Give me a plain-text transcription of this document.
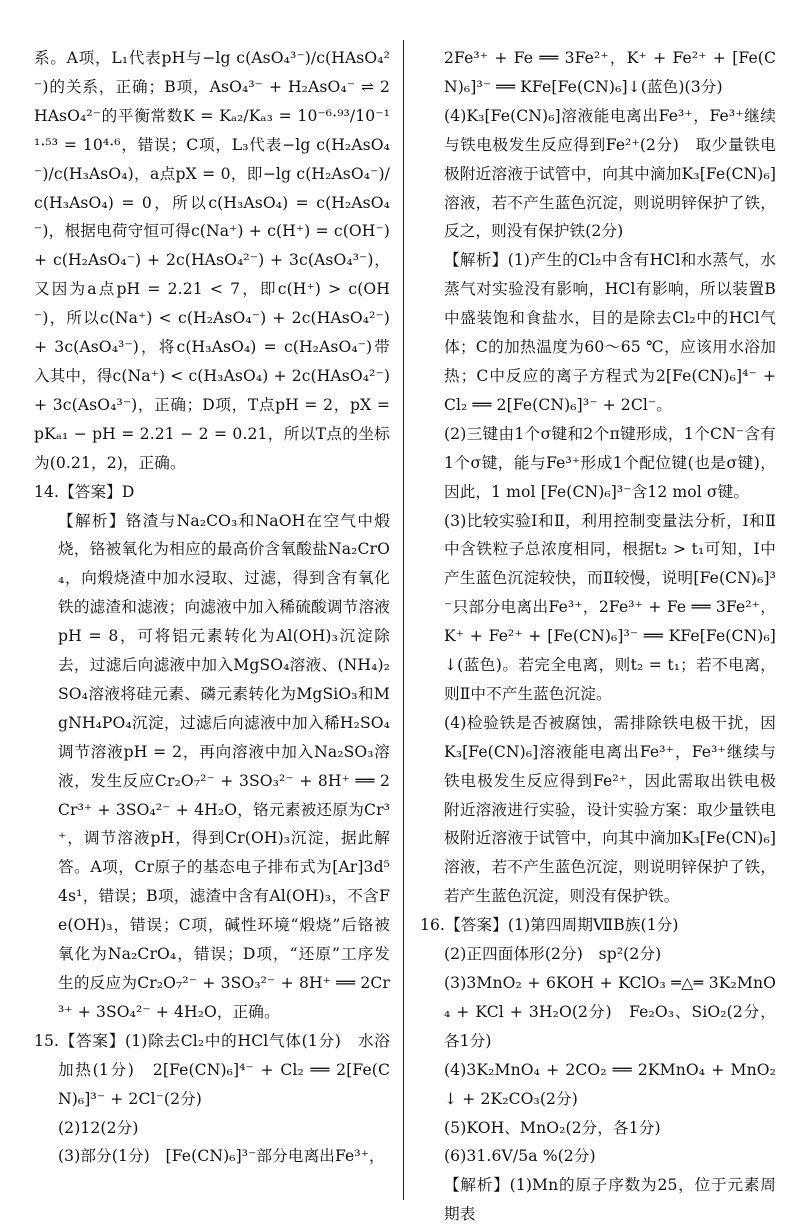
系。A项，L₁代表pH与−lg c(AsO₄³⁻)/c(HAsO₄²⁻)的关系，正确；B项，AsO₄³⁻ + H₂AsO₄⁻ ⇌ 2HAsO₄²⁻的平衡常数K = Kₐ₂/Kₐ₃ = 10⁻⁶·⁹³/10⁻¹¹·⁵³ = 10⁴·⁶，错误；C项，L₃代表−lg c(H₂AsO₄⁻)/c(H₃AsO₄)，a点pX = 0，即−lg c(H₂AsO₄⁻)/c(H₃AsO₄) = 0，所以c(H₃AsO₄) = c(H₂AsO₄⁻)，根据电荷守恒可得c(Na⁺) + c(H⁺) = c(OH⁻) + c(H₂AsO₄⁻) + 2c(HAsO₄²⁻) + 3c(AsO₄³⁻)，又因为a点pH = 2.21 < 7，即c(H⁺) > c(OH⁻)，所以c(Na⁺) < c(H₂AsO₄⁻) + 2c(HAsO₄²⁻) + 3c(AsO₄³⁻)，将c(H₃AsO₄) = c(H₂AsO₄⁻)带入其中，得c(Na⁺) < c(H₃AsO₄) + 2c(HAsO₄²⁻) + 3c(AsO₄³⁻)，正确；D项，T点pH = 2，pX = pKₐ₁ − pH = 2.21 − 2 = 0.21，所以T点的坐标为(0.21，2)，正确。

14.【答案】D

【解析】铬渣与Na₂CO₃和NaOH在空气中煅烧，铬被氧化为相应的最高价含氧酸盐Na₂CrO₄，向煅烧渣中加水浸取、过滤，得到含有氧化铁的滤渣和滤液；向滤液中加入稀硫酸调节溶液pH = 8，可将铝元素转化为Al(OH)₃沉淀除去，过滤后向滤液中加入MgSO₄溶液、(NH₄)₂SO₄溶液将硅元素、磷元素转化为MgSiO₃和MgNH₄PO₄沉淀，过滤后向滤液中加入稀H₂SO₄调节溶液pH = 2，再向溶液中加入Na₂SO₃溶液，发生反应Cr₂O₇²⁻ + 3SO₃²⁻ + 8H⁺ ══ 2Cr³⁺ + 3SO₄²⁻ + 4H₂O，铬元素被还原为Cr³⁺，调节溶液pH，得到Cr(OH)₃沉淀，据此解答。A项，Cr原子的基态电子排布式为[Ar]3d⁵4s¹，错误；B项，滤渣中含有Al(OH)₃，不含Fe(OH)₃，错误；C项，碱性环境“煅烧”后铬被氧化为Na₂CrO₄，错误；D项，“还原”工序发生的反应为Cr₂O₇²⁻ + 3SO₃²⁻ + 8H⁺ ══ 2Cr³⁺ + 3SO₄²⁻ + 4H₂O，正确。

15.【答案】(1)除去Cl₂中的HCl气体(1分)　水浴加热(1分)　2[Fe(CN)₆]⁴⁻ + Cl₂ ══ 2[Fe(CN)₆]³⁻ + 2Cl⁻(2分)

(2)12(2分)

(3)部分(1分)　[Fe(CN)₆]³⁻部分电离出Fe³⁺，

2Fe³⁺ + Fe ══ 3Fe²⁺，K⁺ + Fe²⁺ + [Fe(CN)₆]³⁻ ══ KFe[Fe(CN)₆]↓(蓝色)(3分)

(4)K₃[Fe(CN)₆]溶液能电离出Fe³⁺，Fe³⁺继续与铁电极发生反应得到Fe²⁺(2分)　取少量铁电极附近溶液于试管中，向其中滴加K₃[Fe(CN)₆]溶液，若不产生蓝色沉淀，则说明锌保护了铁，反之，则没有保护铁(2分)

【解析】(1)产生的Cl₂中含有HCl和水蒸气，水蒸气对实验没有影响，HCl有影响，所以装置B中盛装饱和食盐水，目的是除去Cl₂中的HCl气体；C的加热温度为60～65 ℃，应该用水浴加热；C中反应的离子方程式为2[Fe(CN)₆]⁴⁻ + Cl₂ ══ 2[Fe(CN)₆]³⁻ + 2Cl⁻。

(2)三键由1个σ键和2个π键形成，1个CN⁻含有1个σ键，能与Fe³⁺形成1个配位键(也是σ键)，因此，1 mol [Fe(CN)₆]³⁻含12 mol σ键。

(3)比较实验Ⅰ和Ⅱ，利用控制变量法分析，Ⅰ和Ⅱ中含铁粒子总浓度相同，根据t₂ > t₁可知，Ⅰ中产生蓝色沉淀较快，而Ⅱ较慢，说明[Fe(CN)₆]³⁻只部分电离出Fe³⁺，2Fe³⁺ + Fe ══ 3Fe²⁺，K⁺ + Fe²⁺ + [Fe(CN)₆]³⁻ ══ KFe[Fe(CN)₆]↓(蓝色)。若完全电离，则t₂ = t₁；若不电离，则Ⅱ中不产生蓝色沉淀。

(4)检验铁是否被腐蚀，需排除铁电极干扰，因K₃[Fe(CN)₆]溶液能电离出Fe³⁺，Fe³⁺继续与铁电极发生反应得到Fe²⁺，因此需取出铁电极附近溶液进行实验，设计实验方案：取少量铁电极附近溶液于试管中，向其中滴加K₃[Fe(CN)₆]溶液，若不产生蓝色沉淀，则说明锌保护了铁，若产生蓝色沉淀，则没有保护铁。

16.【答案】(1)第四周期ⅦB族(1分)

(2)正四面体形(2分)　sp²(2分)

(3)3MnO₂ + 6KOH + KClO₃ ═△═ 3K₂MnO₄ + KCl + 3H₂O(2分)　Fe₂O₃、SiO₂(2分，各1分)

(4)3K₂MnO₄ + 2CO₂ ══ 2KMnO₄ + MnO₂↓ + 2K₂CO₃(2分)

(5)KOH、MnO₂(2分，各1分)

(6)31.6V/5a %(2分)

【解析】(1)Mn的原子序数为25，位于元素周期表
